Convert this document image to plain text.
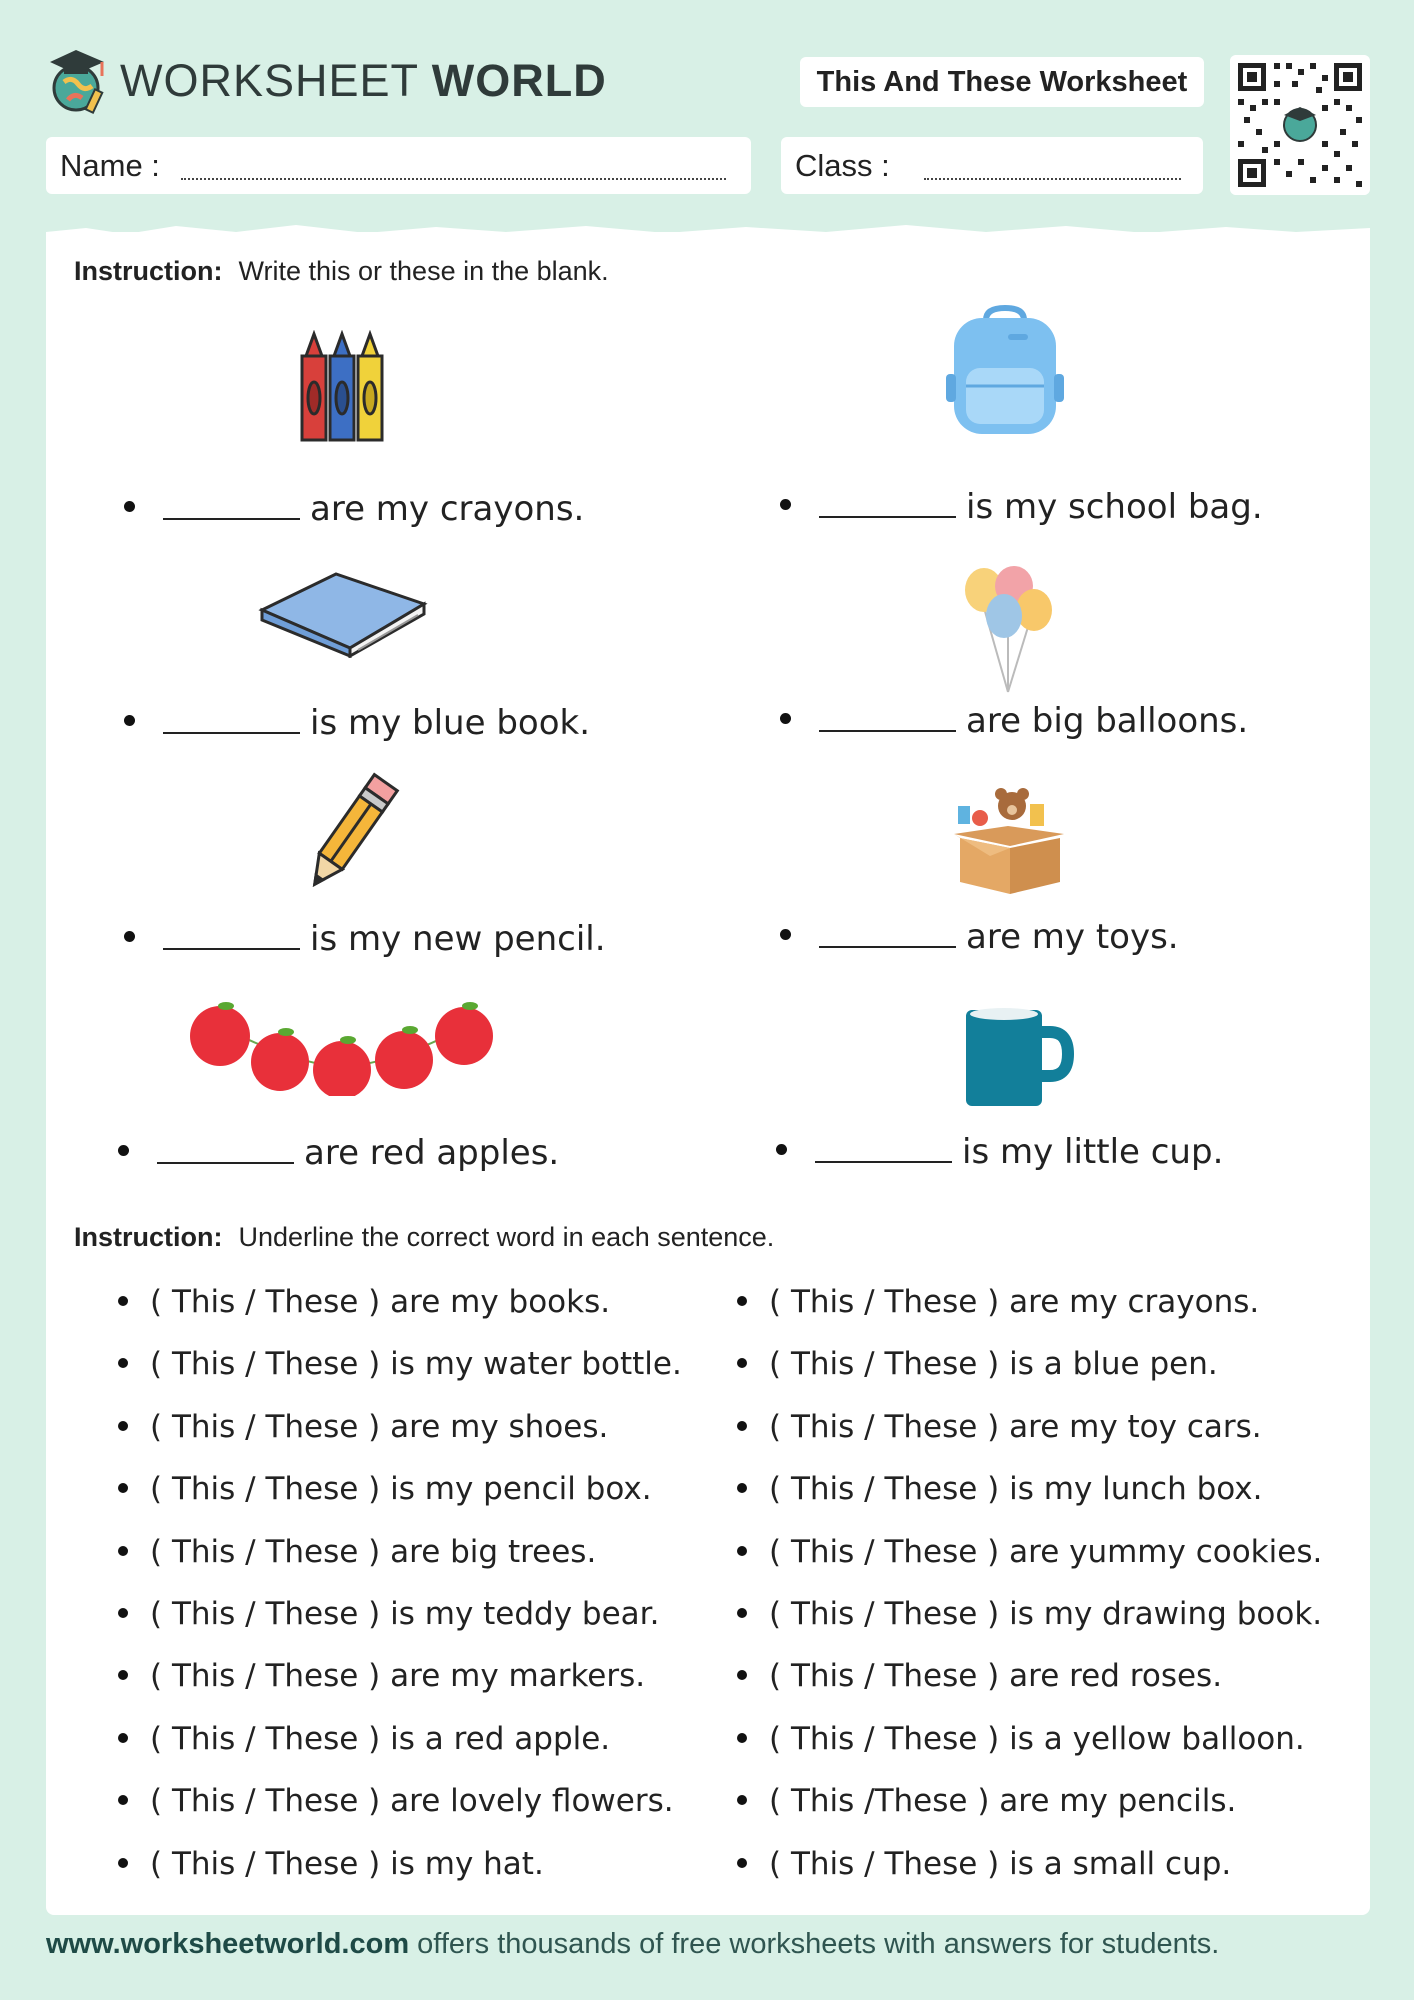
WORKSHEET WORLD	This And These Worksheet
Name :	Class :
Instruction: Write this or these in the blank.
are my crayons.	is my school bag.
is my blue book.	are big balloons.
is my new pencil.	are my toys.
are red apples.	is my little cup.
Instruction: Underline the correct word in each sentence.
( This / These ) are my books.
( This / These ) is my water bottle.
( This / These ) are my shoes.
( This / These ) is my pencil box.
( This / These ) are big trees.
( This / These ) is my teddy bear.
( This / These ) are my markers.
( This / These ) is a red apple.
( This / These ) are lovely flowers.
( This / These ) is my hat.
( This / These ) are my crayons.
( This / These ) is a blue pen.
( This / These ) are my toy cars.
( This / These ) is my lunch box.
( This / These ) are yummy cookies.
( This / These ) is my drawing book.
( This / These ) are red roses.
( This / These ) is a yellow balloon.
( This /These ) are my pencils.
( This / These ) is a small cup.
www.worksheetworld.com offers thousands of free worksheets with answers for students.
